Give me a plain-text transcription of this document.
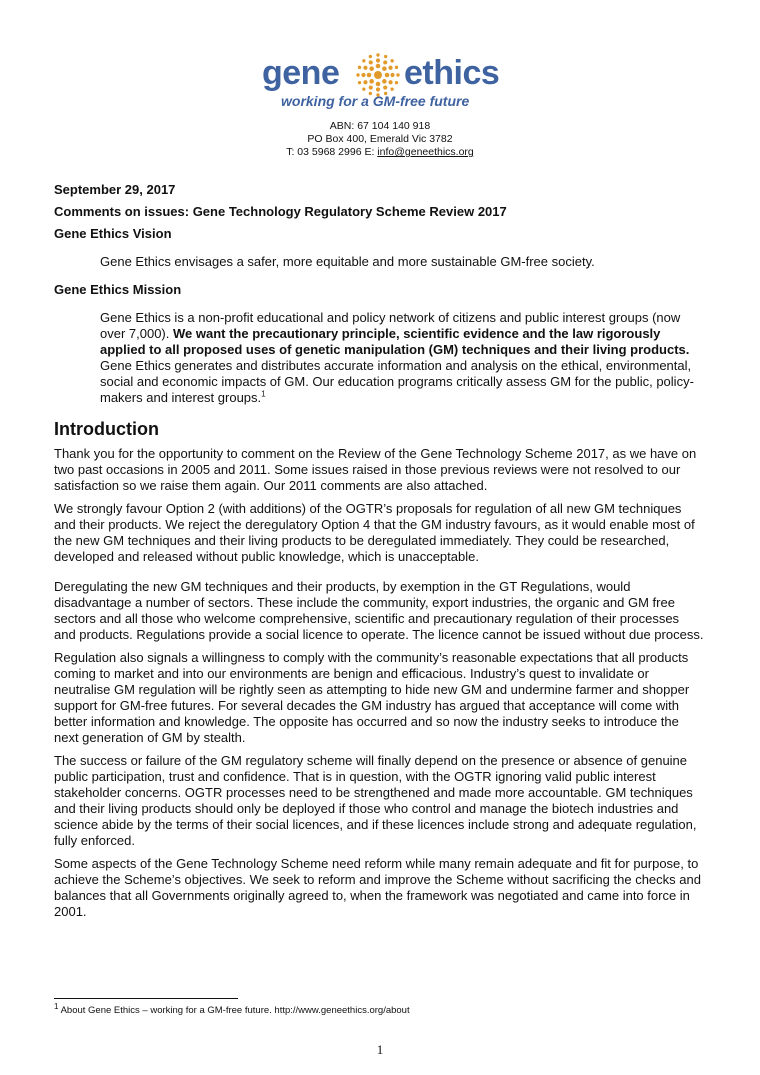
gene ethics
working for a GM-free future
ABN: 67 104 140 918
PO Box 400, Emerald Vic 3782
T: 03 5968 2996 E: info@geneethics.org
September 29, 2017
Comments on issues: Gene Technology Regulatory Scheme Review 2017
Gene Ethics Vision

Gene Ethics envisages a safer, more equitable and more sustainable GM-free society.

Gene Ethics Mission

Gene Ethics is a non-profit educational and policy network of citizens and public interest groups (now over 7,000). We want the precautionary principle, scientific evidence and the law rigorously applied to all proposed uses of genetic manipulation (GM) techniques and their living products. Gene Ethics generates and distributes accurate information and analysis on the ethical, environmental, social and economic impacts of GM. Our education programs critically assess GM for the public, policy-makers and interest groups.$^1$

Introduction

Thank you for the opportunity to comment on the Review of the Gene Technology Scheme 2017, as we have on two past occasions in 2005 and 2011. Some issues raised in those previous reviews were not resolved to our satisfaction so we raise them again. Our 2011 comments are also attached.

We strongly favour Option 2 (with additions) of the OGTR’s proposals for regulation of all new GM techniques and their products. We reject the deregulatory Option 4 that the GM industry favours, as it would enable most of the new GM techniques and their living products to be deregulated immediately. They could be researched, developed and released without public knowledge, which is unacceptable.

Deregulating the new GM techniques and their products, by exemption in the GT Regulations, would disadvantage a number of sectors. These include the community, export industries, the organic and GM free sectors and all those who welcome comprehensive, scientific and precautionary regulation of their processes and products. Regulations provide a social licence to operate. The licence cannot be issued without due process.

Regulation also signals a willingness to comply with the community’s reasonable expectations that all products coming to market and into our environments are benign and efficacious. Industry’s quest to invalidate or neutralise GM regulation will be rightly seen as attempting to hide new GM and undermine farmer and shopper support for GM-free futures. For several decades the GM industry has argued that acceptance will come with better information and knowledge. The opposite has occurred and so now the industry seeks to introduce the next generation of GM by stealth.

The success or failure of the GM regulatory scheme will finally depend on the presence or absence of genuine public participation, trust and confidence. That is in question, with the OGTR ignoring valid public interest stakeholder concerns. OGTR processes need to be strengthened and made more accountable. GM techniques and their living products should only be deployed if those who control and manage the biotech industries and science abide by the terms of their social licences, and if these licences include strong and adequate regulation, fully enforced.

Some aspects of the Gene Technology Scheme need reform while many remain adequate and fit for purpose, to achieve the Scheme’s objectives. We seek to reform and improve the Scheme without sacrificing the checks and balances that all Governments originally agreed to, when the framework was negotiated and came into force in 2001.

$^1$ About Gene Ethics – working for a GM-free future. http://www.geneethics.org/about
1
